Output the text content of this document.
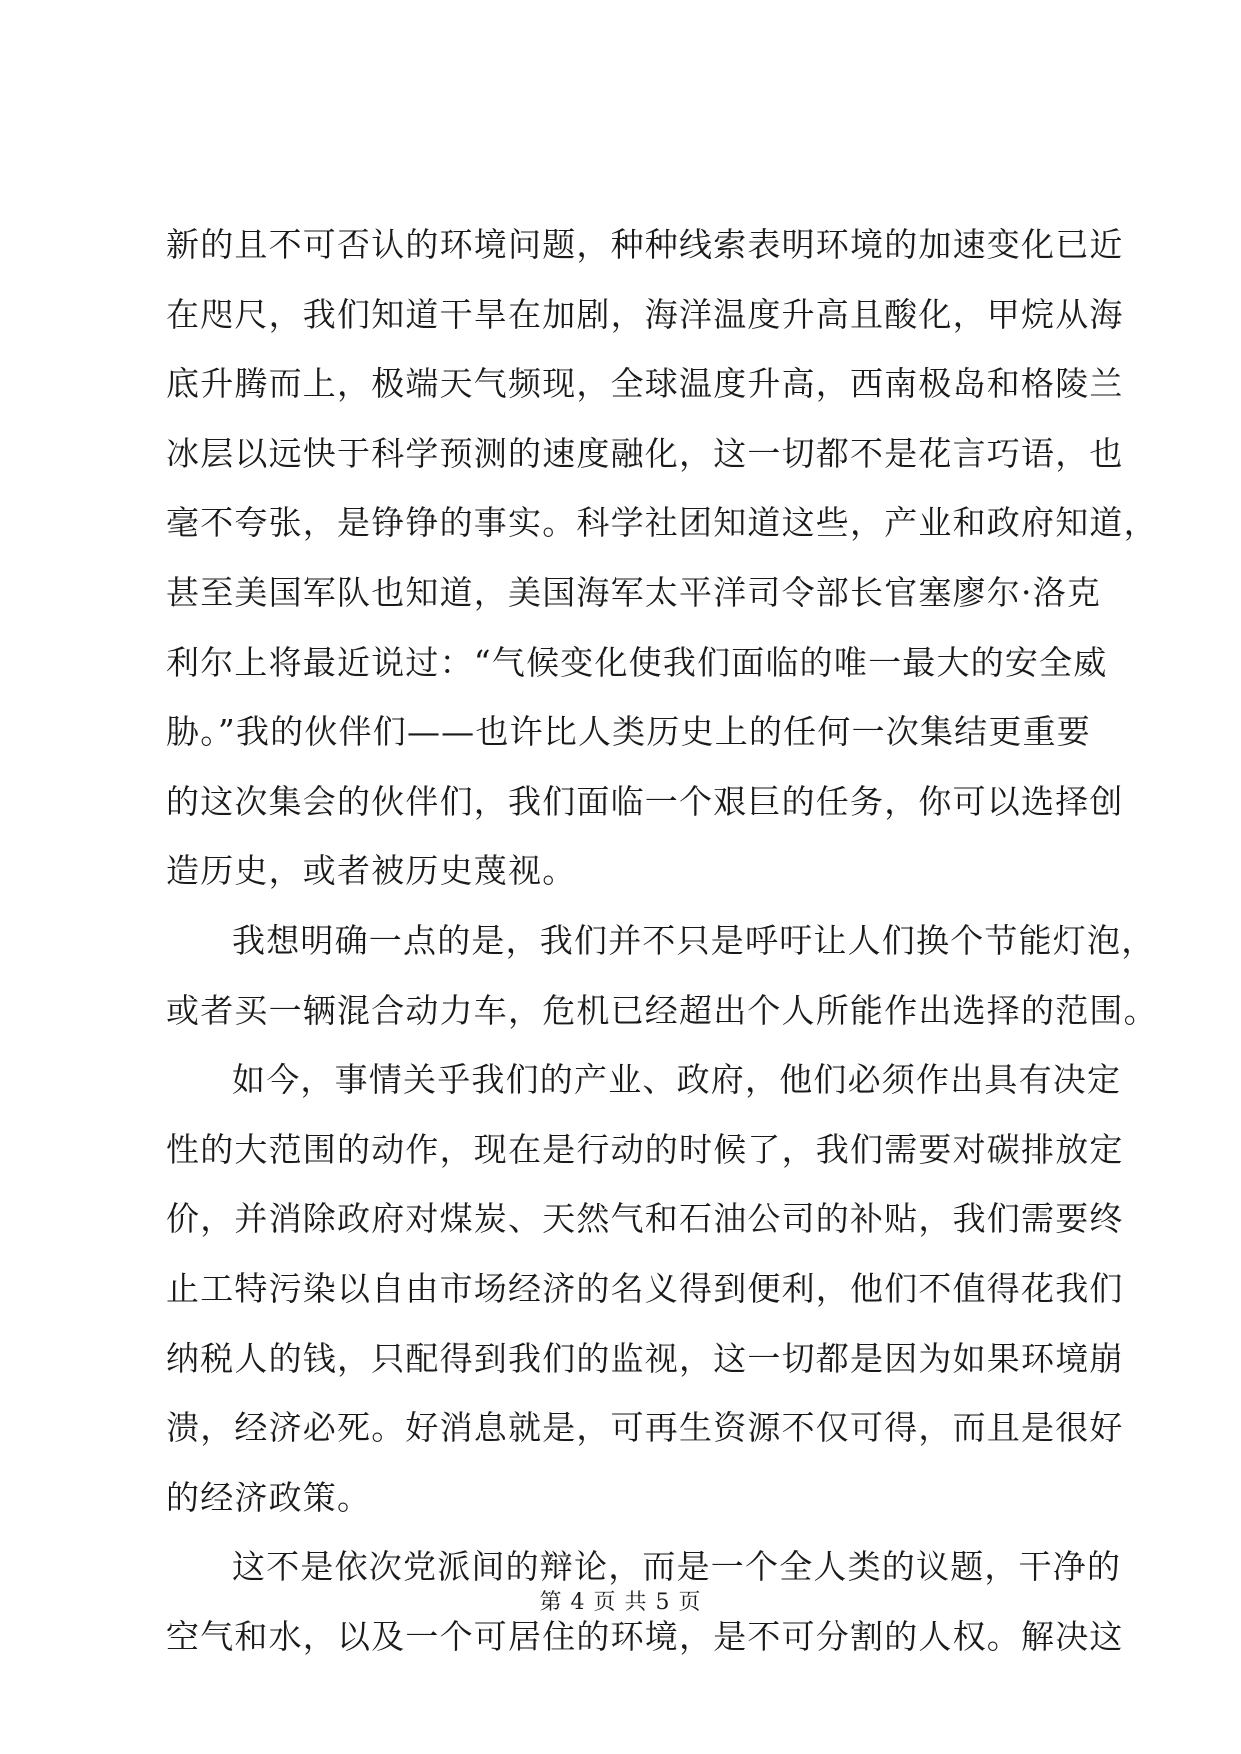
新的且不可否认的环境问题，种种线索表明环境的加速变化已近
在咫尺，我们知道干旱在加剧，海洋温度升高且酸化，甲烷从海
底升腾而上，极端天气频现，全球温度升高，西南极岛和格陵兰
冰层以远快于科学预测的速度融化，这一切都不是花言巧语，也
毫不夸张，是铮铮的事实。科学社团知道这些，产业和政府知道，
甚至美国军队也知道，美国海军太平洋司令部长官塞廖尔·洛克
利尔上将最近说过：“气候变化使我们面临的唯一最大的安全威
胁。”我的伙伴们——也许比人类历史上的任何一次集结更重要
的这次集会的伙伴们，我们面临一个艰巨的任务，你可以选择创
造历史，或者被历史蔑视。
我想明确一点的是，我们并不只是呼吁让人们换个节能灯泡，
或者买一辆混合动力车，危机已经超出个人所能作出选择的范围。
如今，事情关乎我们的产业、政府，他们必须作出具有决定
性的大范围的动作，现在是行动的时候了，我们需要对碳排放定
价，并消除政府对煤炭、天然气和石油公司的补贴，我们需要终
止工特污染以自由市场经济的名义得到便利，他们不值得花我们
纳税人的钱，只配得到我们的监视，这一切都是因为如果环境崩
溃，经济必死。好消息就是，可再生资源不仅可得，而且是很好
的经济政策。
这不是依次党派间的辩论，而是一个全人类的议题，干净的
空气和水，以及一个可居住的环境，是不可分割的人权。解决这
第 4 页 共 5 页
